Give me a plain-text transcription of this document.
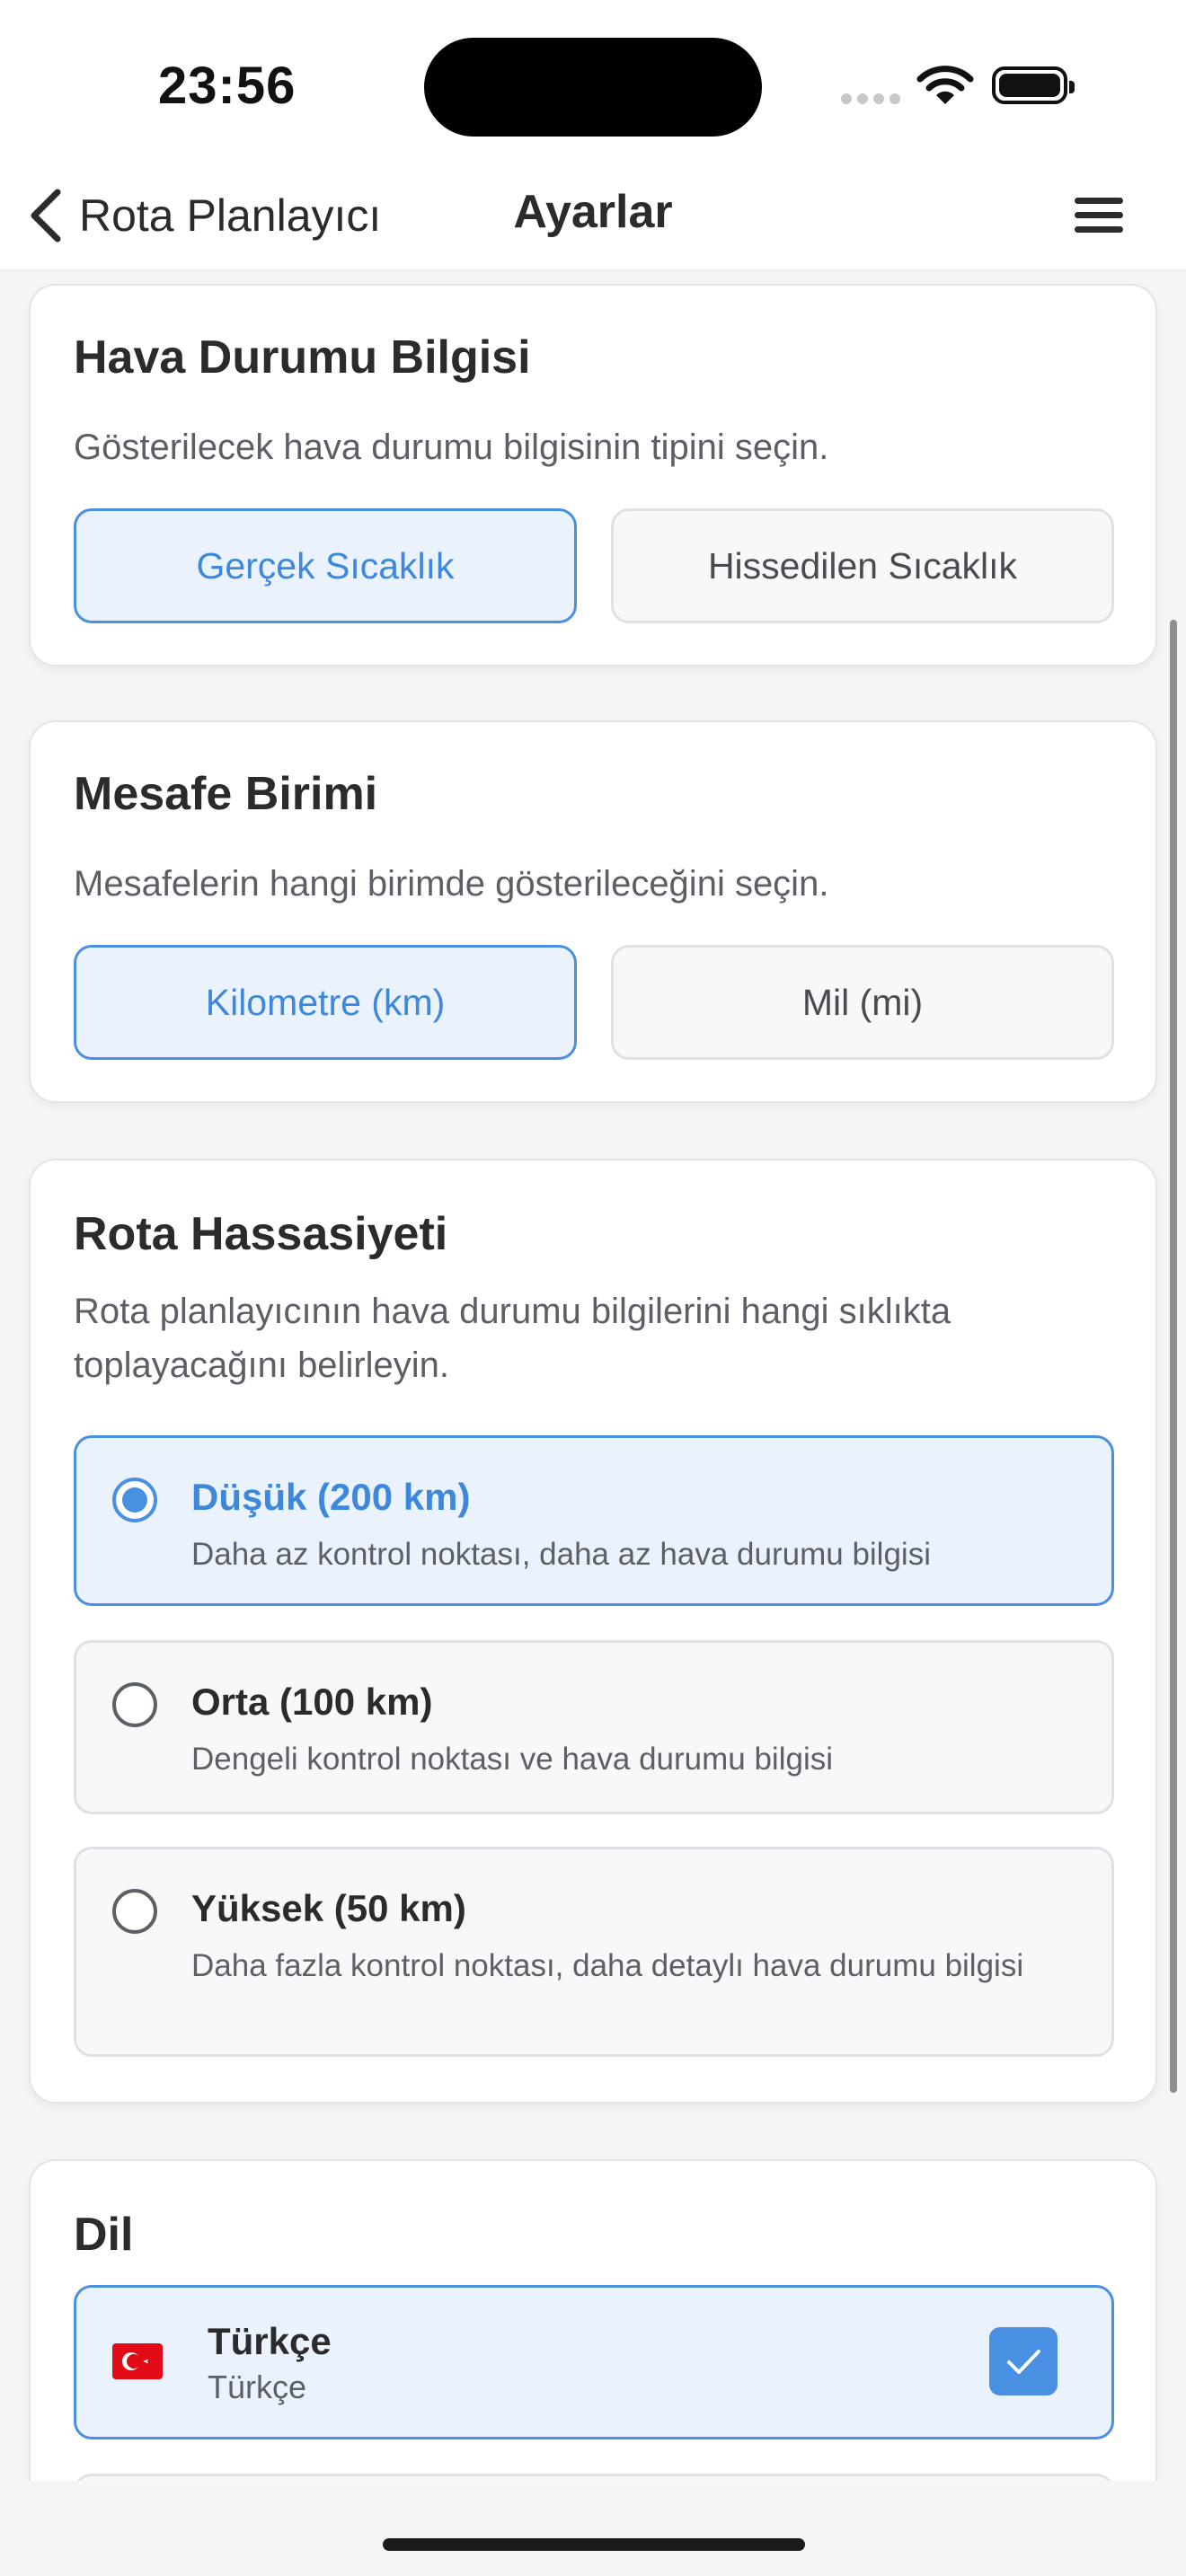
23:56
Rota Planlayıcı	Ayarlar
Hava Durumu Bilgisi

Gösterilecek hava durumu bilgisinin tipini seçin.

Gerçek Sıcaklık	Hissedilen Sıcaklık
Mesafe Birimi

Mesafelerin hangi birimde gösterileceğini seçin.

Kilometre (km)	Mil (mi)
Rota Hassasiyeti

Rota planlayıcının hava durumu bilgilerini hangi sıklıkta toplayacağını belirleyin.

Düşük (200 km)
Daha az kontrol noktası, daha az hava durumu bilgisi
Orta (100 km)
Dengeli kontrol noktası ve hava durumu bilgisi
Yüksek (50 km)
Daha fazla kontrol noktası, daha detaylı hava durumu bilgisi
Dil
Türkçe
Türkçe
